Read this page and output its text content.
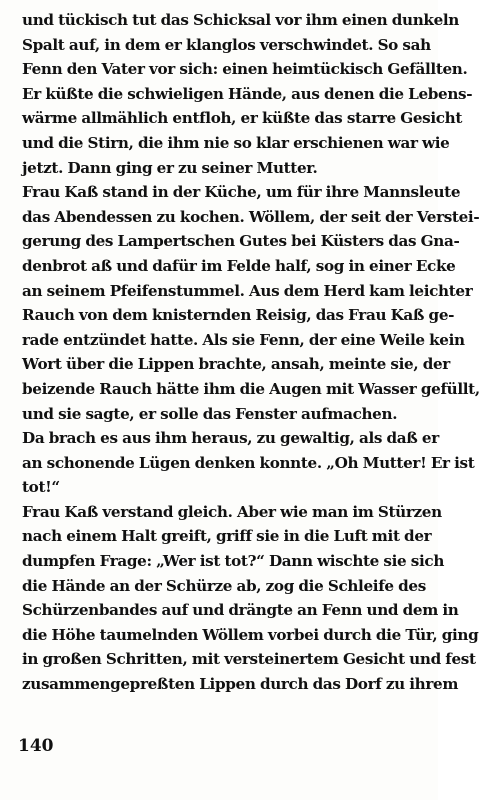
und tückisch tut das Schicksal vor ihm einen dunkeln
Spalt auf, in dem er klanglos verschwindet. So sah
Fenn den Vater vor sich: einen heimtückisch Gefällten.
Er küßte die schwieligen Hände, aus denen die Lebens-
wärme allmählich entfloh, er küßte das starre Gesicht
und die Stirn, die ihm nie so klar erschienen war wie
jetzt. Dann ging er zu seiner Mutter.
Frau Kaß stand in der Küche, um für ihre Mannsleute
das Abendessen zu kochen. Wöllem, der seit der Verstei-
gerung des Lampertschen Gutes bei Küsters das Gna-
denbrot aß und dafür im Felde half, sog in einer Ecke
an seinem Pfeifenstummel. Aus dem Herd kam leichter
Rauch von dem knisternden Reisig, das Frau Kaß ge-
rade entzündet hatte. Als sie Fenn, der eine Weile kein
Wort über die Lippen brachte, ansah, meinte sie, der
beizende Rauch hätte ihm die Augen mit Wasser gefüllt,
und sie sagte, er solle das Fenster aufmachen.
Da brach es aus ihm heraus, zu gewaltig, als daß er
an schonende Lügen denken konnte. „Oh Mutter! Er ist
tot!“
Frau Kaß verstand gleich. Aber wie man im Stürzen
nach einem Halt greift, griff sie in die Luft mit der
dumpfen Frage: „Wer ist tot?“ Dann wischte sie sich
die Hände an der Schürze ab, zog die Schleife des
Schürzenbandes auf und drängte an Fenn und dem in
die Höhe taumelnden Wöllem vorbei durch die Tür, ging
in großen Schritten, mit versteinertem Gesicht und fest
zusammengepreßten Lippen durch das Dorf zu ihrem
140
